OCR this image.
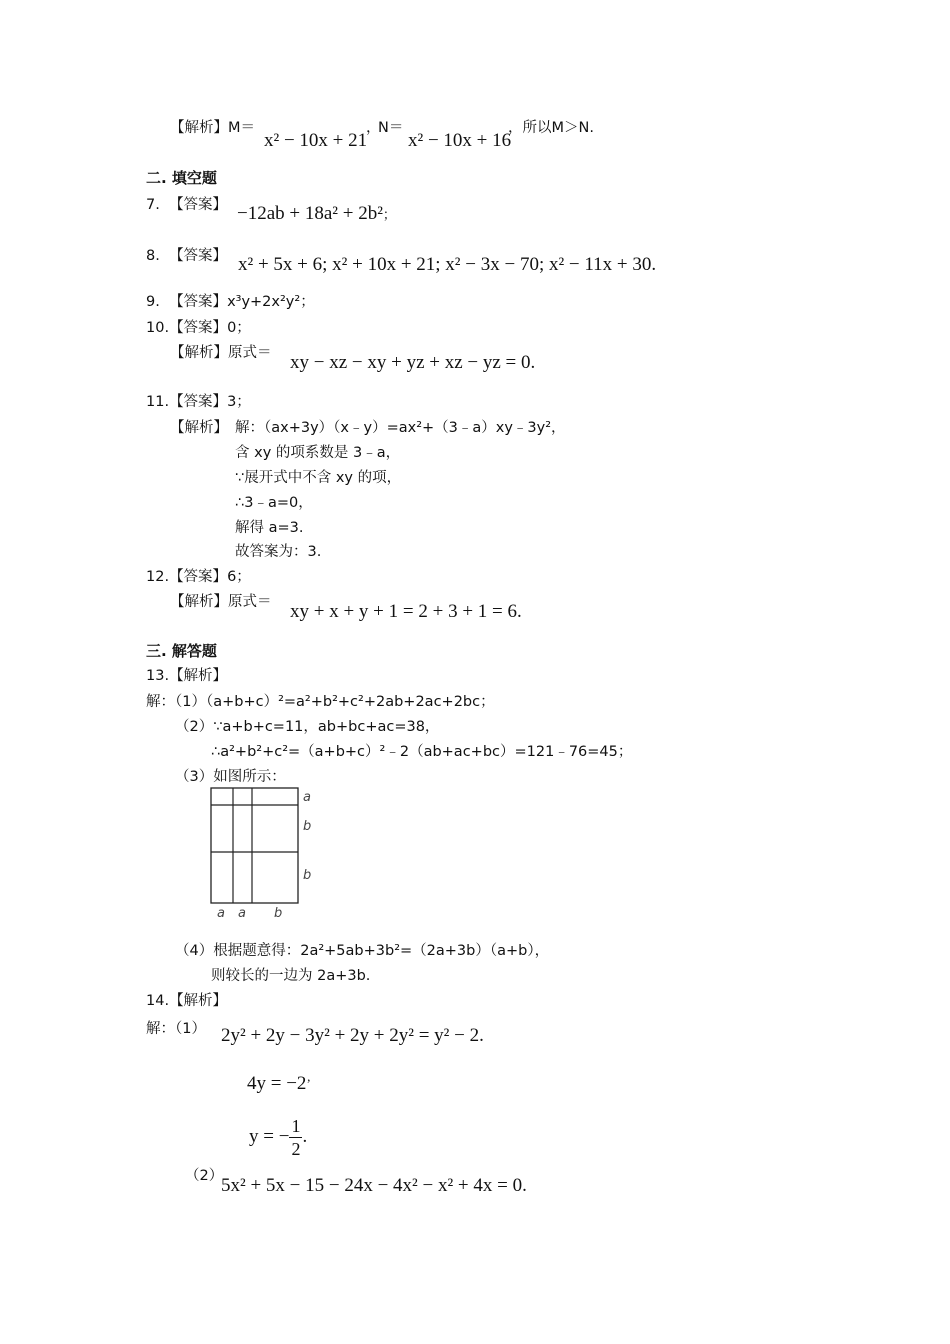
【解析】M＝
x² − 10x + 21
，
N＝
x² − 10x + 16
，所以M＞N.
二. 填空题
7. 【答案】 −12ab + 18a² + 2b²；
8. 【答案】 x² + 5x + 6; x² + 10x + 21; x² − 3x − 70; x² − 11x + 30.
9. 【答案】x³y+2x²y²；
10.【答案】0；
【解析】原式＝ xy − xz − xy + yz + xz − yz = 0.
11.【答案】3；
【解析】 解：（ax+3y）（x﹣y）=ax²+（3﹣a）xy﹣3y²，
含 xy 的项系数是 3﹣a，
∵展开式中不含 xy 的项，
∴3﹣a=0，
解得 a=3.
故答案为：3.
12.【答案】6；
【解析】原式＝ xy + x + y + 1 = 2 + 3 + 1 = 6.
三. 解答题
13.【解析】
解：（1）（a+b+c）²=a²+b²+c²+2ab+2ac+2bc；
（2）∵a+b+c=11，ab+bc+ac=38，
∴a²+b²+c²=（a+b+c）²﹣2（ab+ac+bc）=121﹣76=45；
（3）如图所示：
a
b
b
a a b
（4）根据题意得：2a²+5ab+3b²=（2a+3b）（a+b），
则较长的一边为 2a+3b.
14.【解析】
解：（1） 2y² + 2y − 3y² + 2y + 2y² = y² − 2.
4y = −2’
y = − $\frac{1}{2}$ .
（2）
5x² + 5x − 15 − 24x − 4x² − x² + 4x = 0.
